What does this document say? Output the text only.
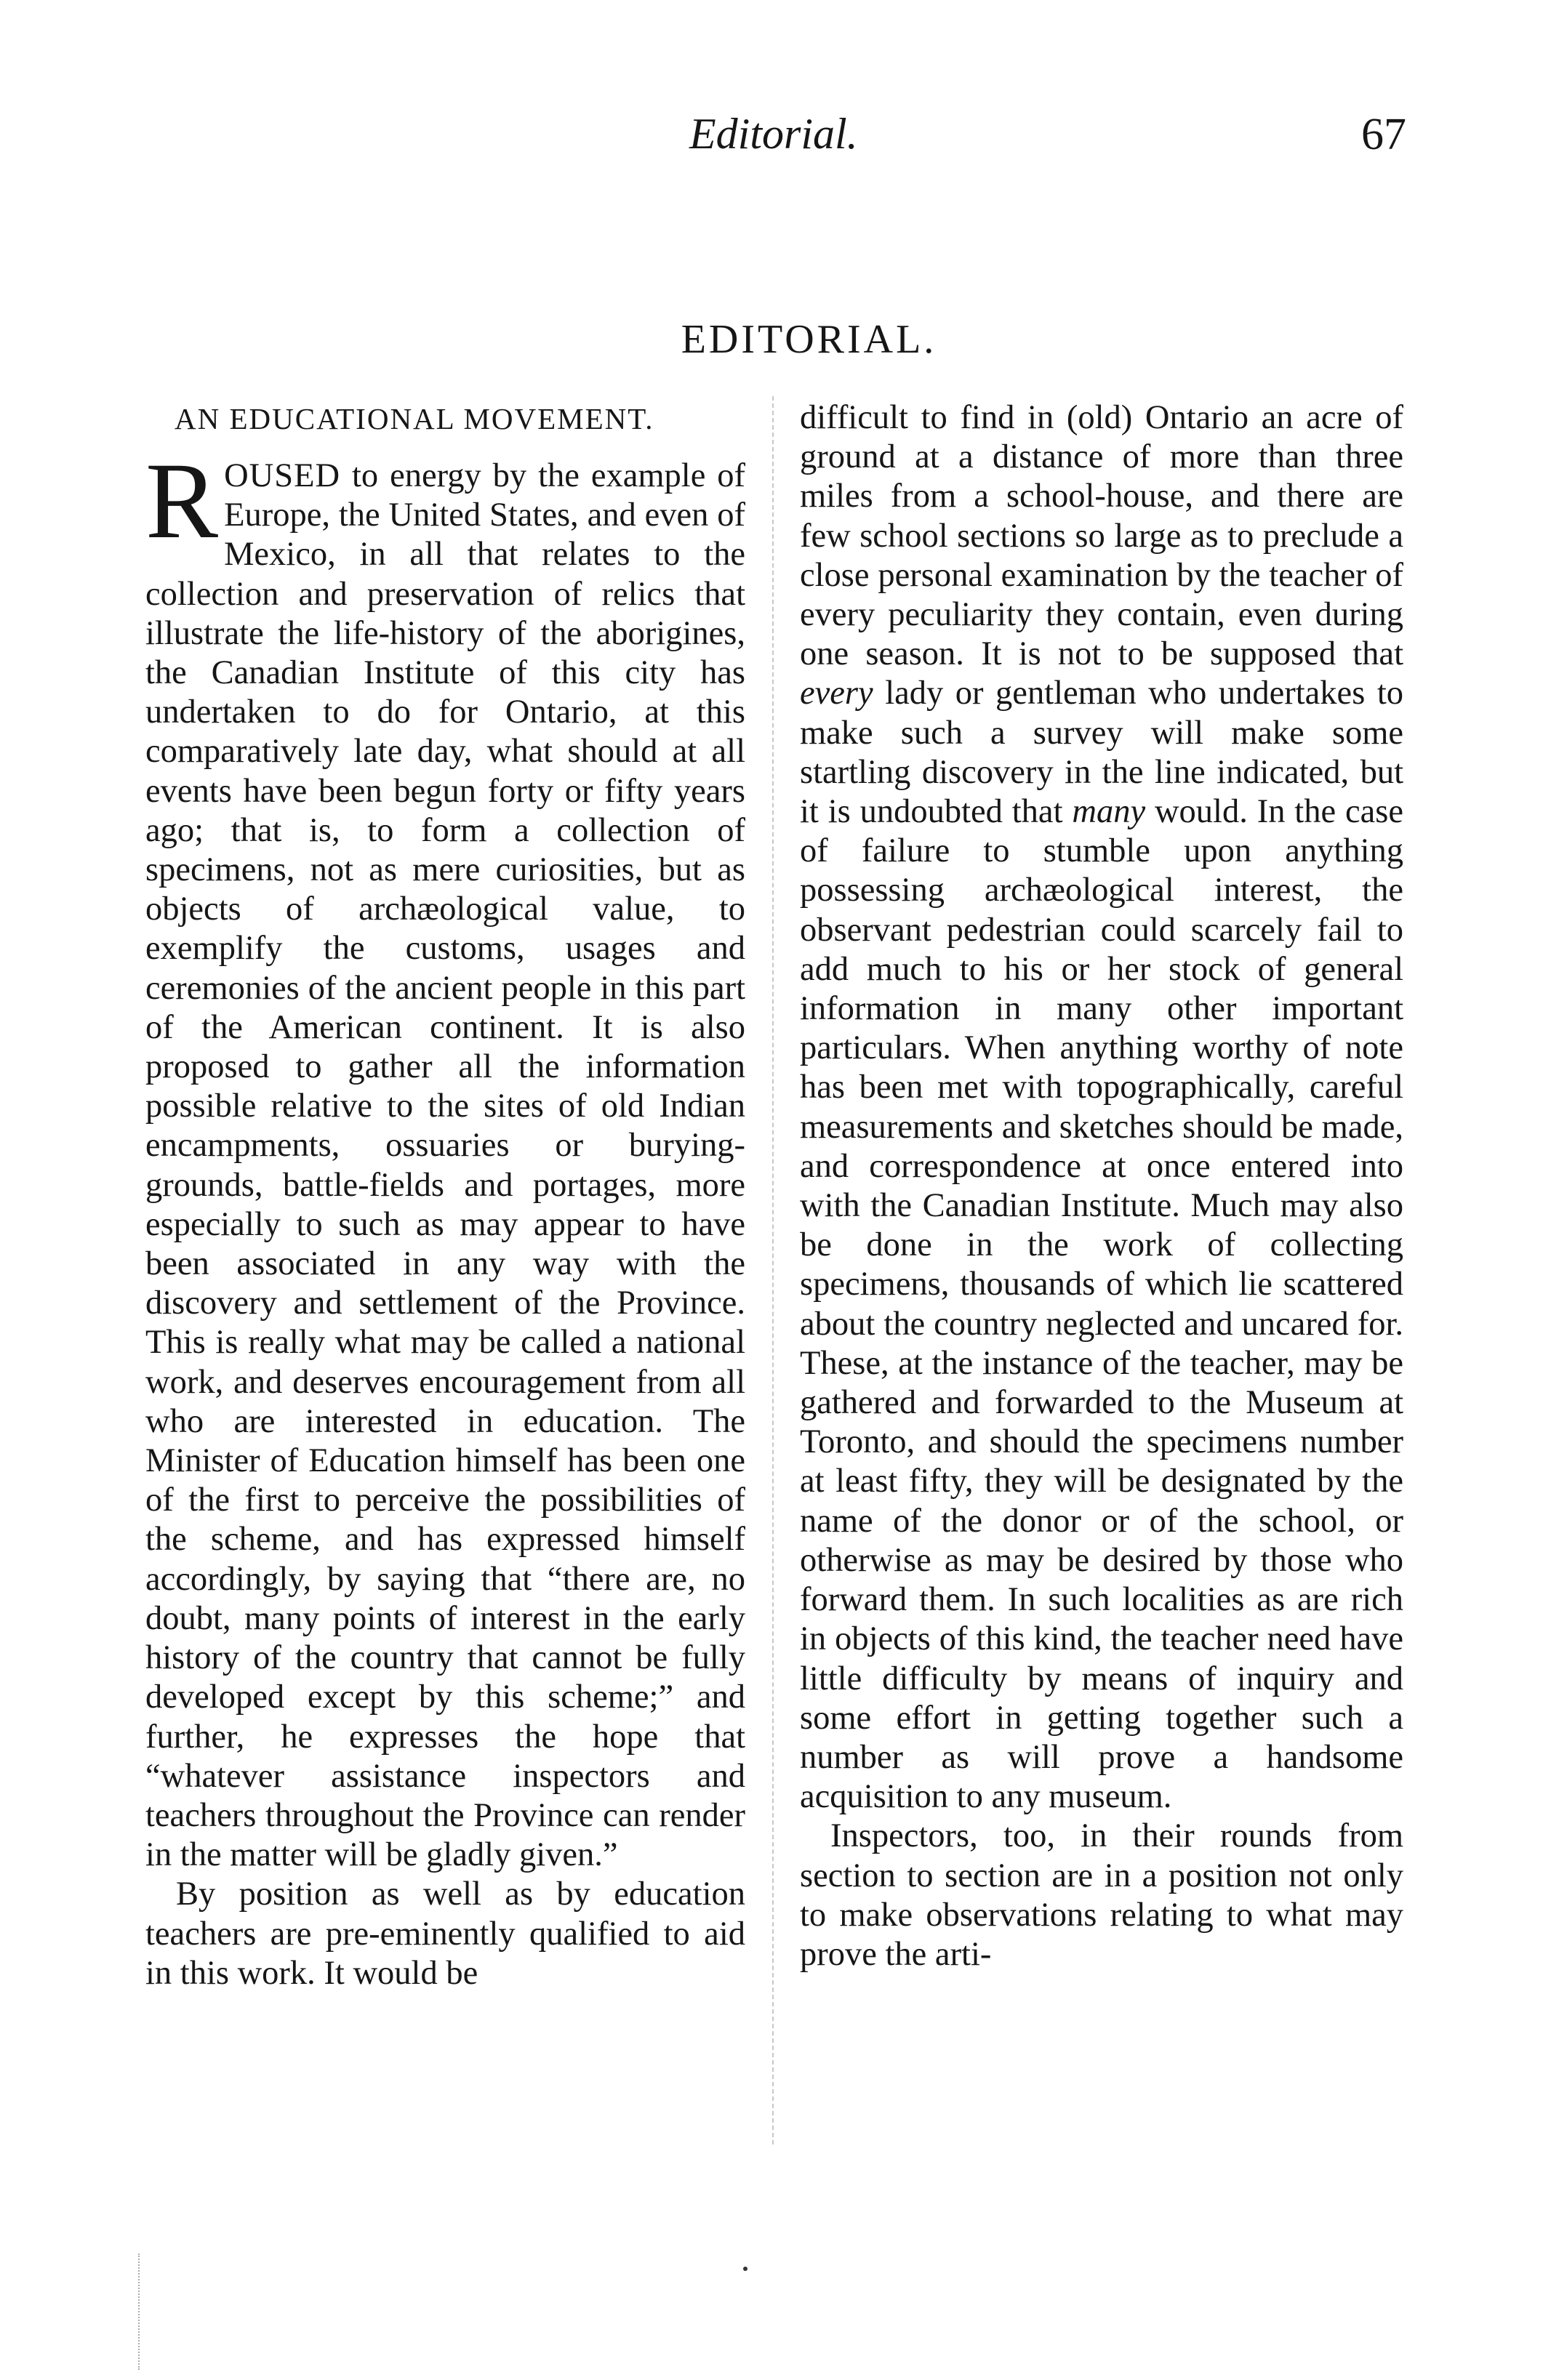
Editorial.	67
EDITORIAL.
AN EDUCATIONAL MOVEMENT.

ROUSED to energy by the example of Europe, the United States, and even of Mexico, in all that relates to the collection and preservation of relics that illustrate the life-history of the aborigines, the Canadian Institute of this city has undertaken to do for Ontario, at this comparatively late day, what should at all events have been begun forty or fifty years ago; that is, to form a collection of specimens, not as mere curiosities, but as objects of archæological value, to exemplify the customs, usages and ceremonies of the ancient people in this part of the American continent. It is also proposed to gather all the information possible relative to the sites of old Indian encampments, ossuaries or burying-grounds, battle-fields and portages, more especially to such as may appear to have been associated in any way with the discovery and settlement of the Province. This is really what may be called a national work, and deserves encouragement from all who are interested in education. The Minister of Education himself has been one of the first to perceive the possibilities of the scheme, and has expressed himself accordingly, by saying that “there are, no doubt, many points of interest in the early history of the country that cannot be fully developed except by this scheme;” and further, he expresses the hope that “whatever assistance inspectors and teachers throughout the Province can render in the matter will be gladly given.”

By position as well as by education teachers are pre-eminently qualified to aid in this work. It would be

difficult to find in (old) Ontario an acre of ground at a distance of more than three miles from a school-house, and there are few school sections so large as to preclude a close personal examination by the teacher of every peculiarity they contain, even during one season. It is not to be supposed that every lady or gentleman who undertakes to make such a survey will make some startling discovery in the line indicated, but it is undoubted that many would. In the case of failure to stumble upon anything possessing archæological interest, the observant pedestrian could scarcely fail to add much to his or her stock of general information in many other important particulars. When anything worthy of note has been met with topographically, careful measurements and sketches should be made, and correspondence at once entered into with the Canadian Institute. Much may also be done in the work of collecting specimens, thousands of which lie scattered about the country neglected and uncared for. These, at the instance of the teacher, may be gathered and forwarded to the Museum at Toronto, and should the specimens number at least fifty, they will be designated by the name of the donor or of the school, or otherwise as may be desired by those who forward them. In such localities as are rich in objects of this kind, the teacher need have little difficulty by means of inquiry and some effort in getting together such a number as will prove a handsome acquisition to any museum.

Inspectors, too, in their rounds from section to section are in a position not only to make observations relating to what may prove the arti-
